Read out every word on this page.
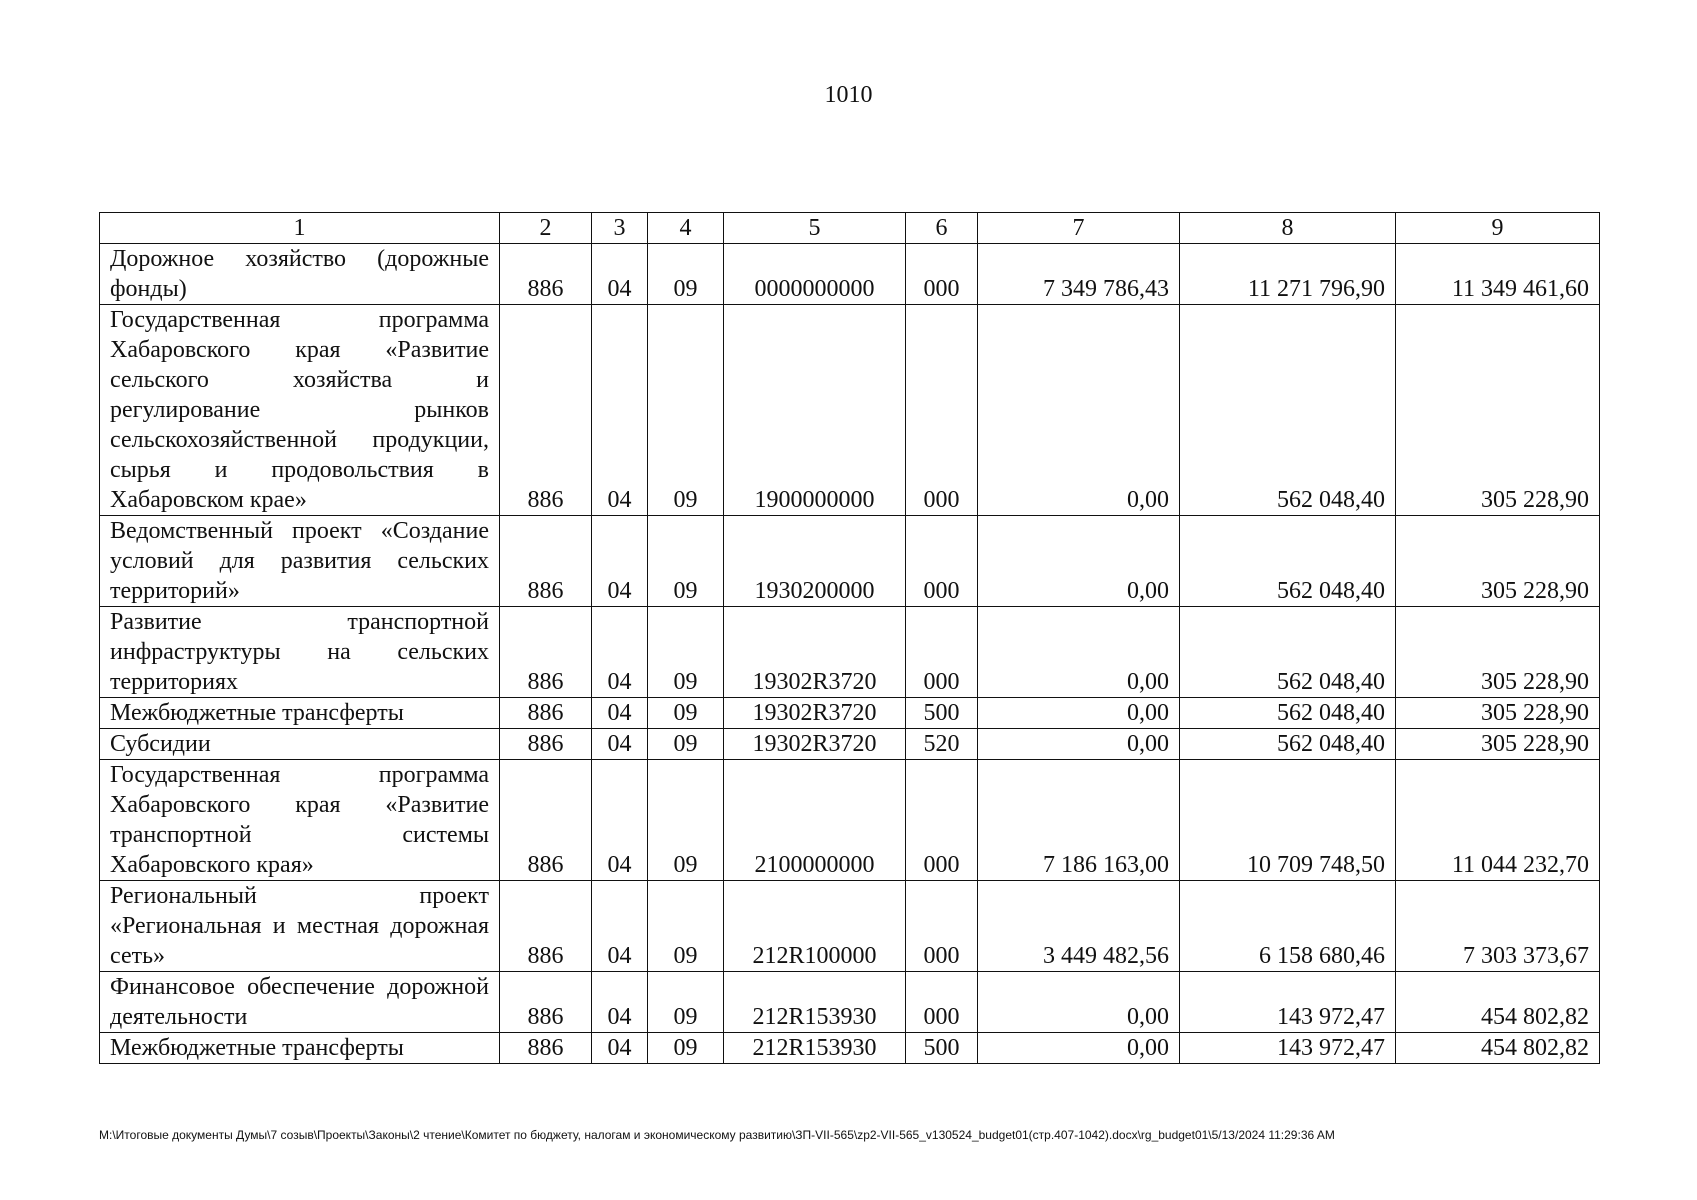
1010
1	2	3	4	5	6	7	8	9
Дорожное хозяйство (дорожные фонды)	886	04	09	0000000000	000	7 349 786,43	11 271 796,90	11 349 461,60
Государственная программа Хабаровского края «Развитие сельского хозяйства и регулирование рынков сельскохозяйственной продукции, сырья и продовольствия в Хабаровском крае»	886	04	09	1900000000	000	0,00	562 048,40	305 228,90
Ведомственный проект «Создание условий для развития сельских территорий»	886	04	09	1930200000	000	0,00	562 048,40	305 228,90
Развитие транспортной инфраструктуры на сельских территориях	886	04	09	19302R3720	000	0,00	562 048,40	305 228,90
Межбюджетные трансферты	886	04	09	19302R3720	500	0,00	562 048,40	305 228,90
Субсидии	886	04	09	19302R3720	520	0,00	562 048,40	305 228,90
Государственная программа Хабаровского края «Развитие транспортной системы Хабаровского края»	886	04	09	2100000000	000	7 186 163,00	10 709 748,50	11 044 232,70
Региональный проект «Региональная и местная дорожная сеть»	886	04	09	212R100000	000	3 449 482,56	6 158 680,46	7 303 373,67
Финансовое обеспечение дорожной деятельности	886	04	09	212R153930	000	0,00	143 972,47	454 802,82
Межбюджетные трансферты	886	04	09	212R153930	500	0,00	143 972,47	454 802,82
М:\Итоговые документы Думы\7 созыв\Проекты\Законы\2 чтение\Комитет по бюджету, налогам и экономическому развитию\ЗП-VII-565\zp2-VII-565_v130524_budget01(стр.407-1042).docx\rg_budget01\5/13/2024 11:29:36 AM
